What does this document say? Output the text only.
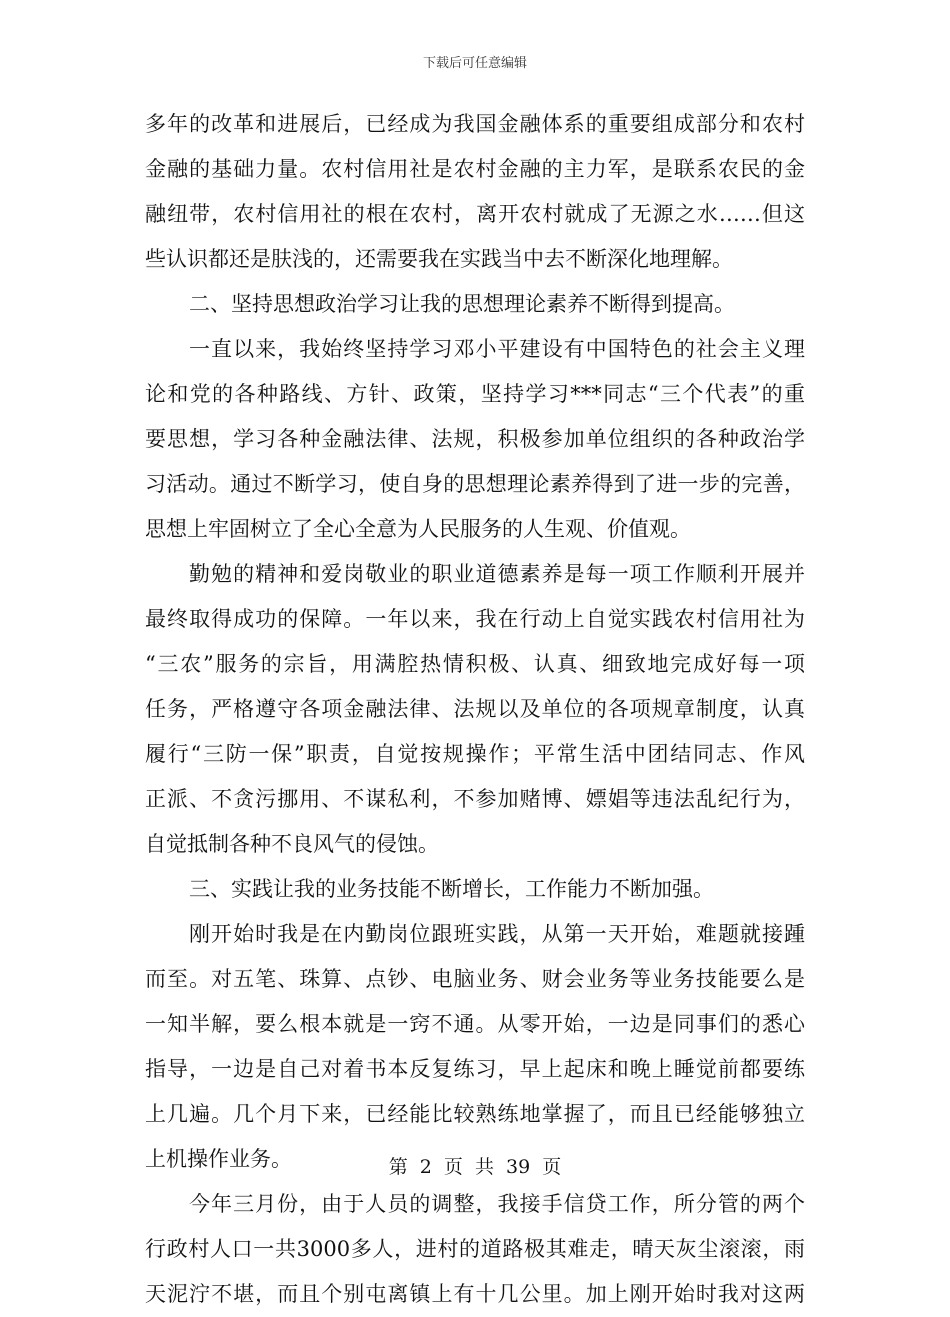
下载后可任意编辑
多年的改革和进展后，已经成为我国金融体系的重要组成部分和农村
金融的基础力量。农村信用社是农村金融的主力军，是联系农民的金
融纽带，农村信用社的根在农村，离开农村就成了无源之水……但这
些认识都还是肤浅的，还需要我在实践当中去不断深化地理解。
二、坚持思想政治学习让我的思想理论素养不断得到提高。
一直以来，我始终坚持学习邓小平建设有中国特色的社会主义理
论和党的各种路线、方针、政策，坚持学习***同志“三个代表”的重
要思想，学习各种金融法律、法规，积极参加单位组织的各种政治学
习活动。通过不断学习，使自身的思想理论素养得到了进一步的完善，
思想上牢固树立了全心全意为人民服务的人生观、价值观。
勤勉的精神和爱岗敬业的职业道德素养是每一项工作顺利开展并
最终取得成功的保障。一年以来，我在行动上自觉实践农村信用社为
“三农”服务的宗旨，用满腔热情积极、认真、细致地完成好每一项
任务，严格遵守各项金融法律、法规以及单位的各项规章制度，认真
履行“三防一保”职责，自觉按规操作；平常生活中团结同志、作风
正派、不贪污挪用、不谋私利，不参加赌博、嫖娼等违法乱纪行为，
自觉抵制各种不良风气的侵蚀。
三、实践让我的业务技能不断增长，工作能力不断加强。
刚开始时我是在内勤岗位跟班实践，从第一天开始，难题就接踵
而至。对五笔、珠算、点钞、电脑业务、财会业务等业务技能要么是
一知半解，要么根本就是一窍不通。从零开始，一边是同事们的悉心
指导，一边是自己对着书本反复练习，早上起床和晚上睡觉前都要练
上几遍。几个月下来，已经能比较熟练地掌握了，而且已经能够独立
上机操作业务。
今年三月份，由于人员的调整，我接手信贷工作，所分管的两个
行政村人口一共3000多人，进村的道路极其难走，晴天灰尘滚滚，雨
天泥泞不堪，而且个别屯离镇上有十几公里。加上刚开始时我对这两
第 2 页 共 39 页
